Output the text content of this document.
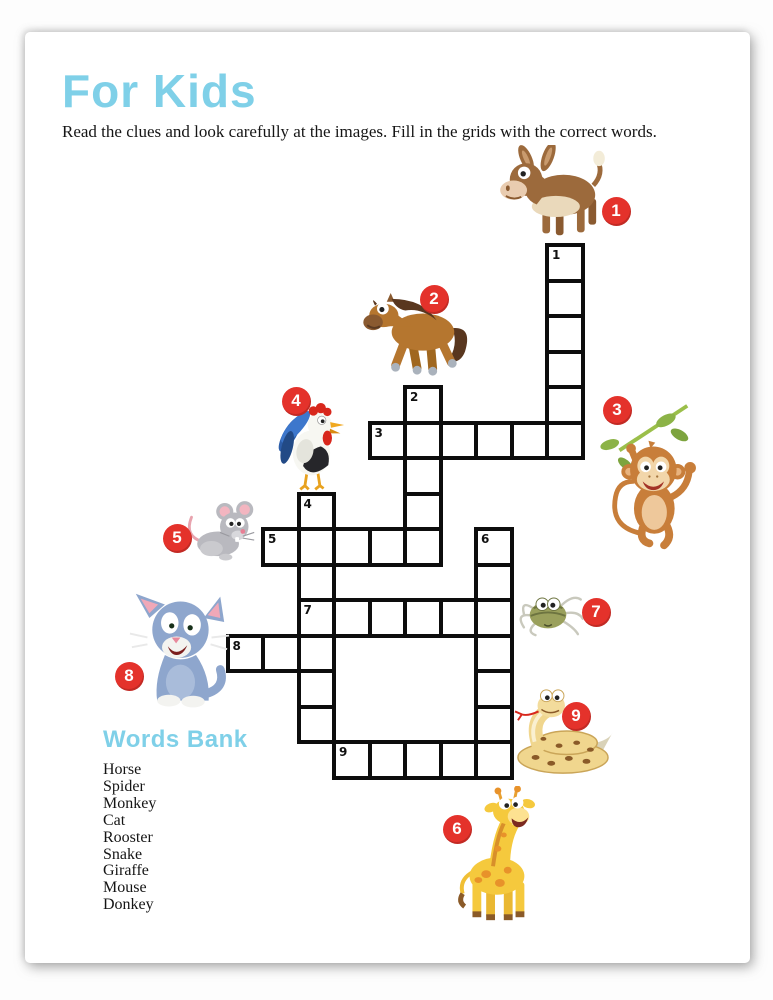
For Kids
Read the clues and look carefully at the images. Fill in the grids with the correct words.
1
2
3
4
7
5	6
8
9
1
2
3
4
5
6
7
8
9
Words Bank
Horse
Spider
Monkey
Cat
Rooster
Snake
Giraffe
Mouse
Donkey
